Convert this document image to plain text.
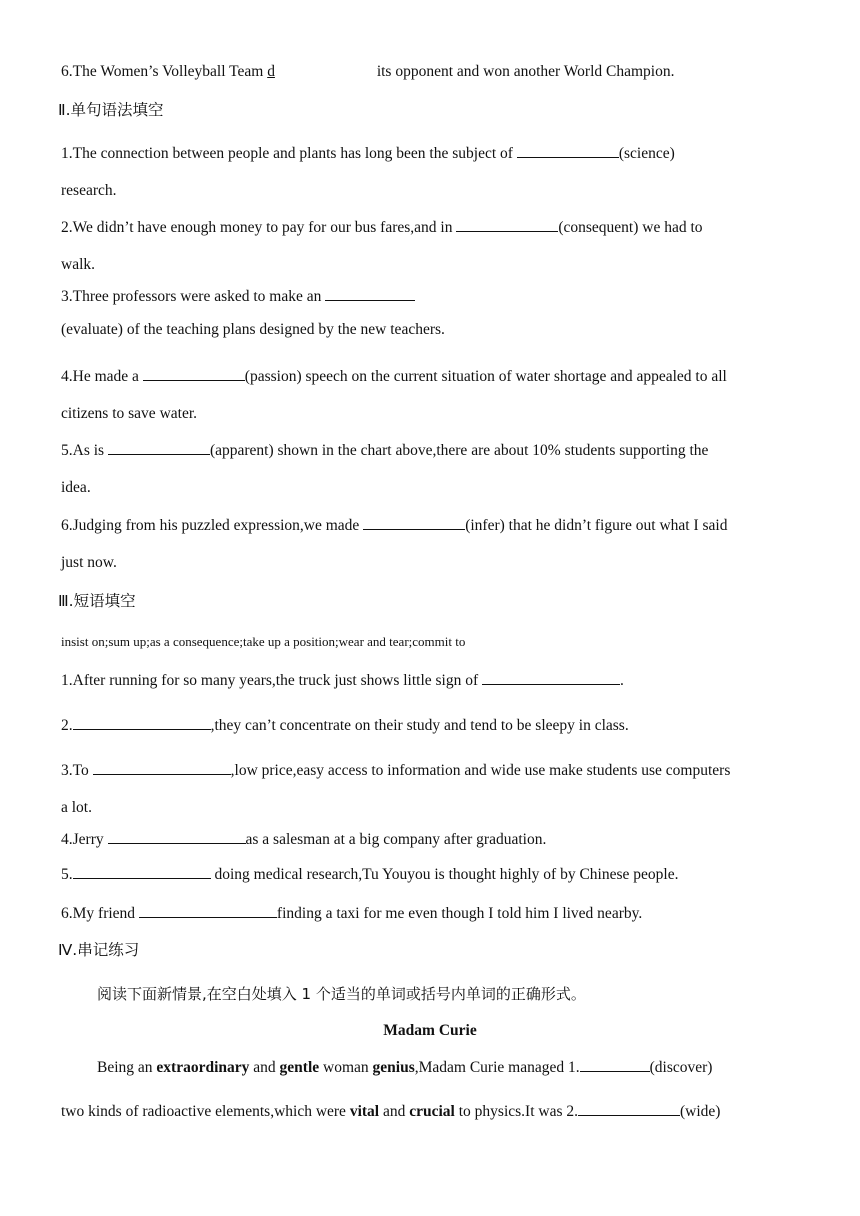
6.The Women’s Volleyball Team d	its opponent and won another World Champion.
Ⅱ.单句语法填空
1.The connection between people and plants has long been the subject of	(science)
research.
2.We didn’t have enough money to pay for our bus fares,and in	(consequent) we had to
walk.
3.Three professors were asked to make an
(evaluate) of the teaching plans designed by the new teachers.
4.He made a	(passion) speech on the current situation of water shortage and appealed to all
citizens to save water.
5.As is	(apparent) shown in the chart above,there are about 10% students supporting the
idea.
6.Judging from his puzzled expression,we made	(infer) that he didn’t figure out what I said
just now.
Ⅲ.短语填空
insist on;sum up;as a consequence;take up a position;wear and tear;commit to
1.After running for so many years,the truck just shows little sign of	.
2.	,they can’t concentrate on their study and tend to be sleepy in class.
3.To	,low price,easy access to information and wide use make students use computers
a lot.
4.Jerry	as a salesman at a big company after graduation.
5.	doing medical research,Tu Youyou is thought highly of by Chinese people.
6.My friend	finding a taxi for me even though I told him I lived nearby.
Ⅳ.串记练习
阅读下面新情景,在空白处填入 1 个适当的单词或括号内单词的正确形式。
Madam Curie
Being an extraordinary and gentle woman genius,Madam Curie managed 1.	(discover)
two kinds of radioactive elements,which were vital and crucial to physics.It was 2.	(wide)
